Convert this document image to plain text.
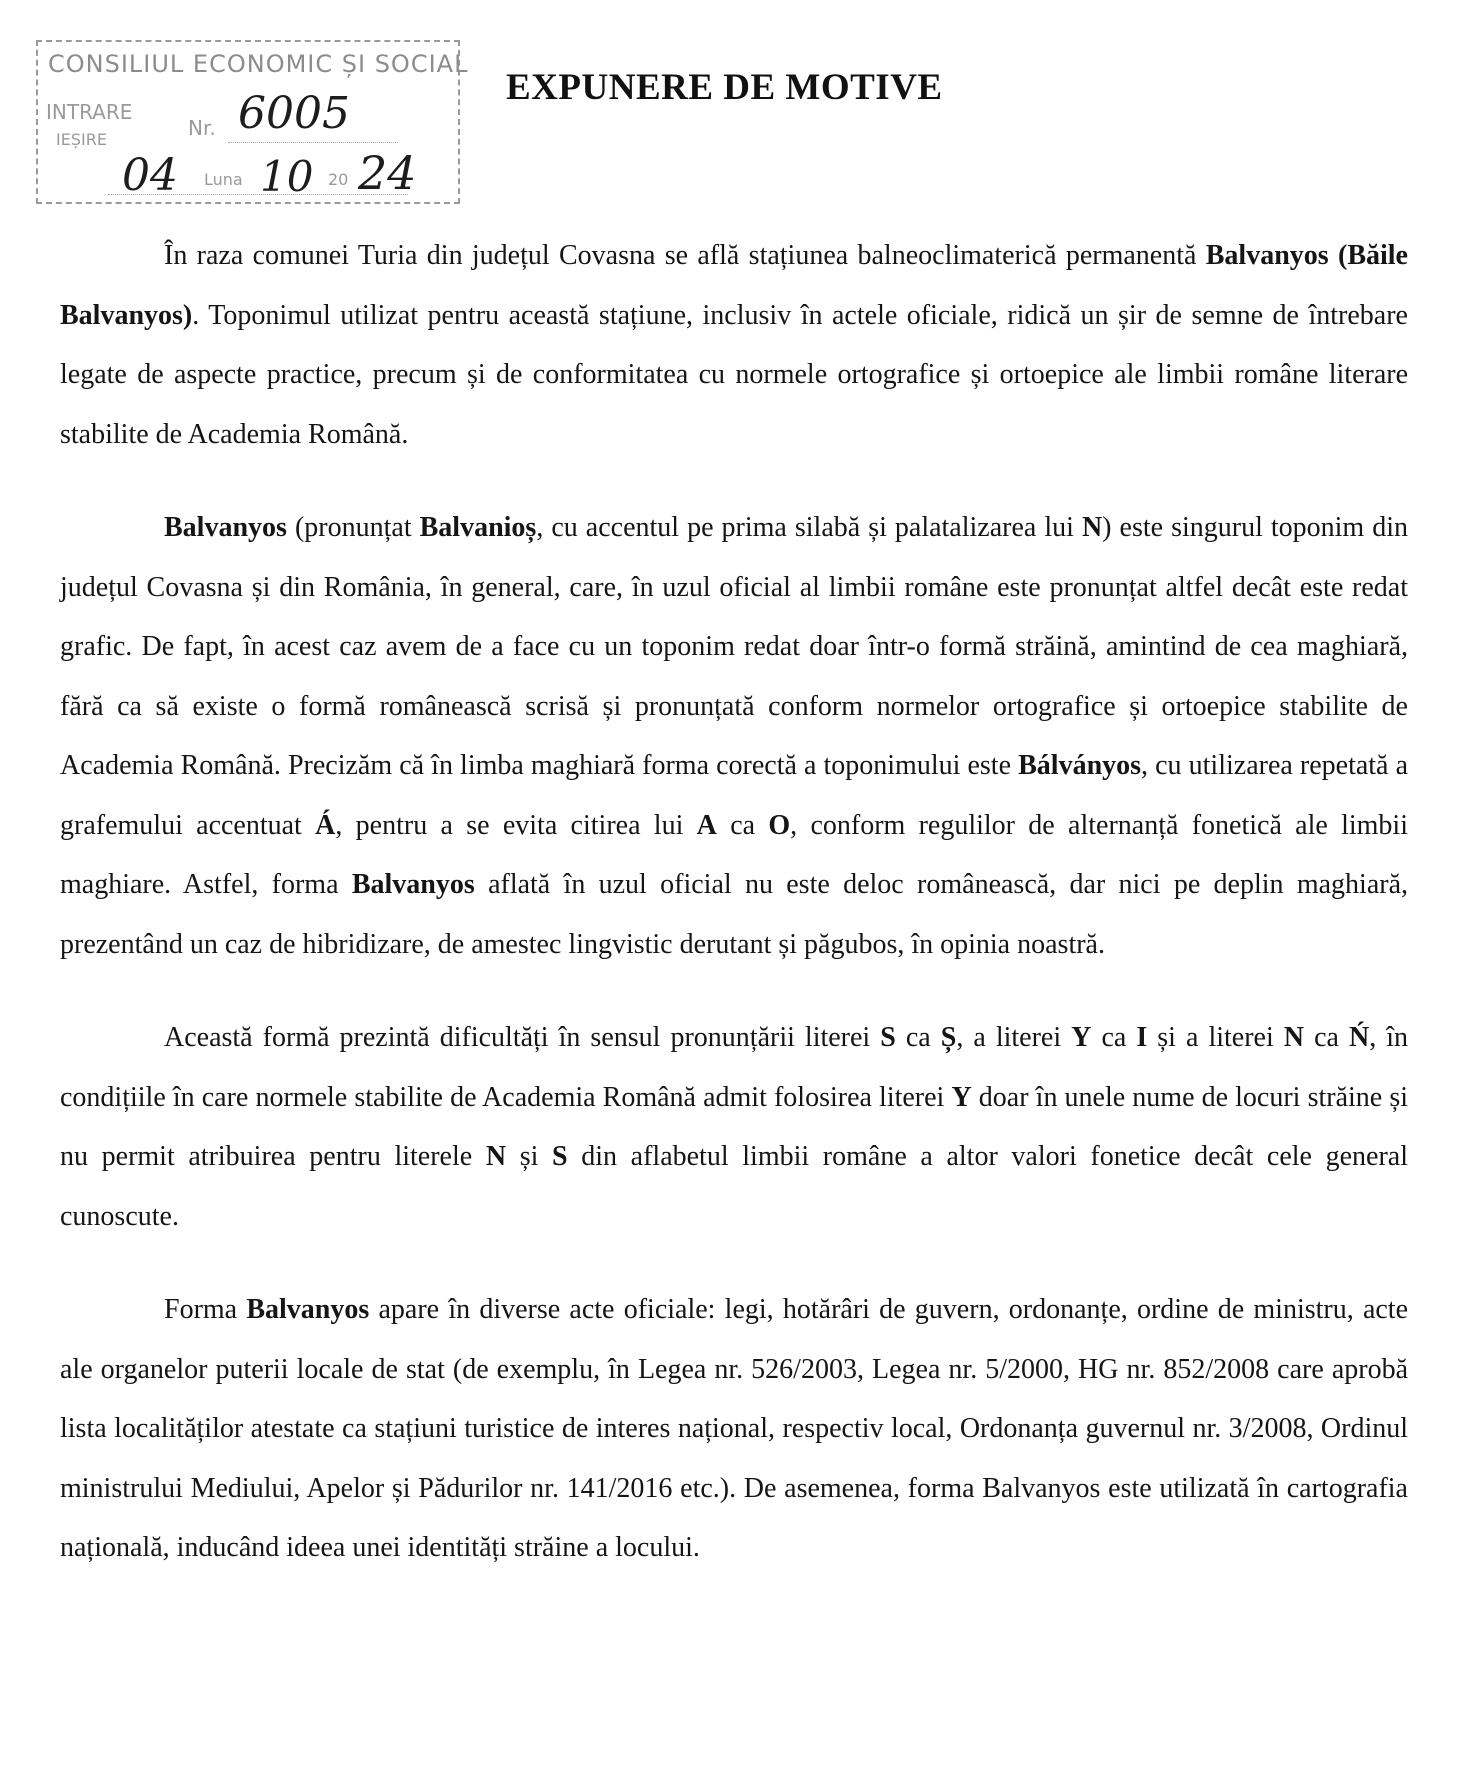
CONSILIUL ECONOMIC ȘI SOCIAL
INTRARE
IEȘIRE	Nr. 6005
04 Luna 10 20 24
EXPUNERE DE MOTIVE

În raza comunei Turia din județul Covasna se află stațiunea balneoclimaterică permanentă Balvanyos (Băile Balvanyos). Toponimul utilizat pentru această stațiune, inclusiv în actele oficiale, ridică un șir de semne de întrebare legate de aspecte practice, precum și de conformitatea cu normele ortografice și ortoepice ale limbii române literare stabilite de Academia Română.

Balvanyos (pronunțat Balvanioș, cu accentul pe prima silabă și palatalizarea lui N) este singurul toponim din județul Covasna și din România, în general, care, în uzul oficial al limbii române este pronunțat altfel decât este redat grafic. De fapt, în acest caz avem de a face cu un toponim redat doar într-o formă străină, amintind de cea maghiară, fără ca să existe o formă românească scrisă și pronunțată conform normelor ortografice și ortoepice stabilite de Academia Română. Precizăm că în limba maghiară forma corectă a toponimului este Bálványos, cu utilizarea repetată a grafemului accentuat Á, pentru a se evita citirea lui A ca O, conform regulilor de alternanță fonetică ale limbii maghiare. Astfel, forma Balvanyos aflată în uzul oficial nu este deloc românească, dar nici pe deplin maghiară, prezentând un caz de hibridizare, de amestec lingvistic derutant și păgubos, în opinia noastră.

Această formă prezintă dificultăți în sensul pronunțării literei S ca Ș, a literei Y ca I și a literei N ca Ń, în condițiile în care normele stabilite de Academia Română admit folosirea literei Y doar în unele nume de locuri străine și nu permit atribuirea pentru literele N și S din aflabetul limbii române a altor valori fonetice decât cele general cunoscute.

Forma Balvanyos apare în diverse acte oficiale: legi, hotărâri de guvern, ordonanțe, ordine de ministru, acte ale organelor puterii locale de stat (de exemplu, în Legea nr. 526/2003, Legea nr. 5/2000, HG nr. 852/2008 care aprobă lista localităților atestate ca stațiuni turistice de interes național, respectiv local, Ordonanța guvernul nr. 3/2008, Ordinul ministrului Mediului, Apelor și Pădurilor nr. 141/2016 etc.). De asemenea, forma Balvanyos este utilizată în cartografia națională, inducând ideea unei identități străine a locului.
